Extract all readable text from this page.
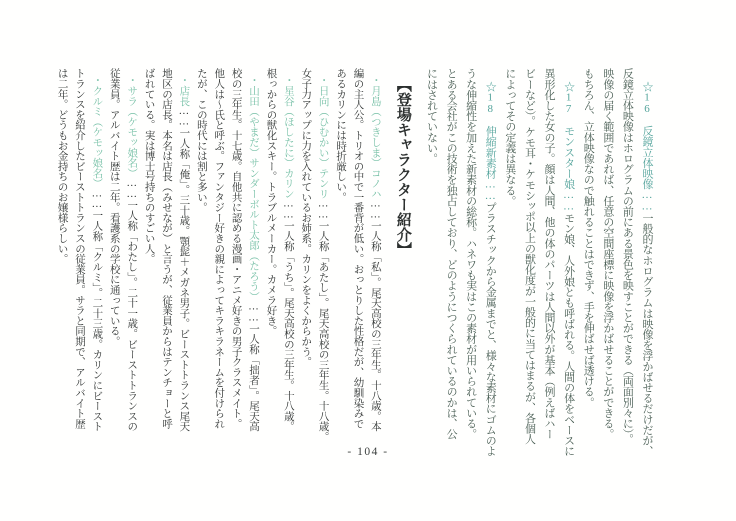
☆16　反鏡立体映像……一般的なホログラムは映像を浮かばせるだけだが、
反鏡立体映像はホログラムの前にある景色を映すことができる（両面別々に）。
映像の届く範囲であれば、任意の空間座標に映像を浮かばせることができる。
もちろん、立体映像なので触れることはできず、手を伸ばせば透ける。
☆17　モンスター娘……モン娘、人外娘とも呼ばれる。人間の体をベースに
異形化した女の子。顔は人間、他の体のパーツは人間以外が基本（例えばハー
ビーなど）。ケモ耳・ケモシッポ以上の獣化度が一般的に当てはまるが、各個人
によってその定義は異なる。
☆18　伸縮新素材……プラスチックから金属までと、様々な素材にゴムのよ
うな伸縮性を加えた新素材の総称。ハネワも実はこの素材が用いられている。
とある会社がこの技術を独占しており、どのようにつくられているのかは、公
にはされていない。
【登場キャラクター紹介】
・月島（つきしま）コノハ……一人称「私」。尾天高校の三年生。十八歳。本
編の主人公。トリオの中で一番背が低い。おっとりした性格だが、幼馴染みで
あるカリンには時折厳しい。
・日向（ひむかい）テンリ……一人称「あたし」。尾天高校の三年生。十八歳。
女子力アップに力を入れているお姉系。カリンをよくからかう。
・星谷（ほしたに）カリン……一人称「うち」。尾天高校の三年生。十八歳。
根っからの獣化スキー。トラブルメーカー。カメラ好き。
・山田（やまだ）サンダーボルト太郎（たろう）……一人称「拙者」。尾天高
校の三年生。十七歳。自他共に認める漫画・アニメ好きの男子クラスメイト。
他人は〜氏と呼ぶ。ファンタジー好きの親によってキラキラネームを付けられ
たが、この時代には割と多い。
・店長……一人称「俺」。三十歳。顎髭＋メガネ男子。ビーストトランス尾天
地区の店長。本名は店長（みせなが）と言うが、従業員からはテンチョーと呼
ばれている。実は博士号持ちのすごい人。
・サラ（ケモッ娘名）……一人称「わたし」。二十一歳。ビーストトランスの
従業員。アルバイト歴は二年。看護系の学校に通っている。
・クルミ（ケモッ娘名）……一人称「クルミ」。二十三歳。カリンにビースト
トランスを紹介したビーストトランスの従業員。サラと同期で、アルバイト歴
は二年。どうもお金持ちのお嬢様らしい。
- 104 -
